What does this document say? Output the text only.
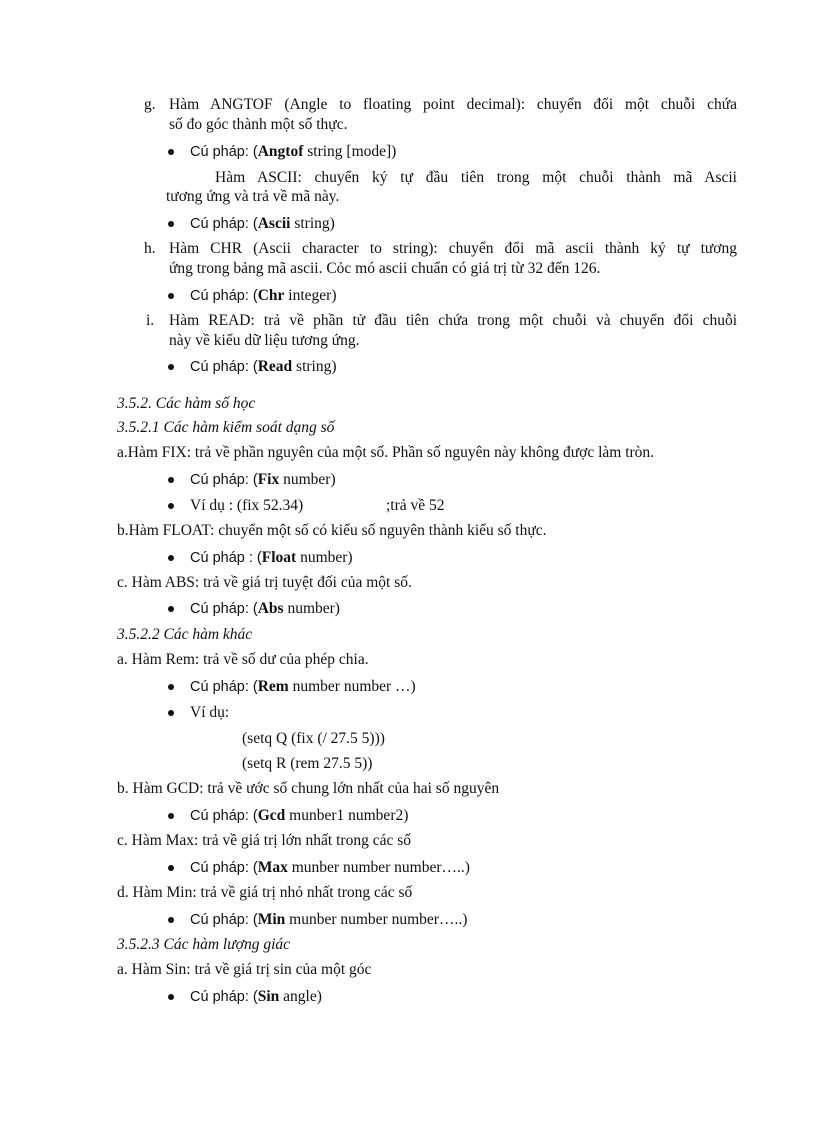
g. Hàm ANGTOF (Angle to floating point decimal): chuyển đổi một chuỗi chứa
số đo góc thành một số thực.
Cú pháp: (Angtof string [mode])
Hàm ASCII: chuyển ký tự đầu tiên trong một chuỗi thành mã Ascii
tương ứng và trả về mã này.
Cú pháp: (Ascii string)
h. Hàm CHR (Ascii character to string): chuyển đổi mã ascii thành ký tự tương
ứng trong bảng mã ascii. Cỏc mó ascii chuẩn có giá trị từ 32 đến 126.
Cú pháp: (Chr integer)
i. Hàm READ: trả về phần tử đầu tiên chứa trong một chuỗi và chuyển đổi chuỗi
này về kiểu dữ liệu tương ứng.
Cú pháp: (Read string)
3.5.2. Các hàm số học
3.5.2.1 Các hàm kiểm soát dạng số
a.Hàm FIX: trả về phần nguyên của một số. Phần số nguyên này không được làm tròn.
Cú pháp: (Fix number)
Ví dụ : (fix 52.34)	;trả về 52
b.Hàm FLOAT: chuyển một số có kiểu số nguyên thành kiểu số thực.
Cú pháp : (Float number)
c. Hàm ABS: trả về giá trị tuyệt đối của một số.
Cú pháp: (Abs number)
3.5.2.2 Các hàm khác
a. Hàm Rem: trả về số dư của phép chia.
Cú pháp: (Rem number number …)
Ví dụ:
(setq Q (fix (/ 27.5 5)))
(setq R (rem 27.5 5))
b. Hàm GCD: trả về ước số chung lớn nhất của hai số nguyên
Cú pháp: (Gcd munber1 number2)
c. Hàm Max: trả về giá trị lớn nhất trong các số
Cú pháp: (Max munber number number…..)
d. Hàm Min: trả về giá trị nhỏ nhất trong các số
Cú pháp: (Min munber number number…..)
3.5.2.3 Các hàm lượng giác
a. Hàm Sin: trả về giá trị sin của một góc
Cú pháp: (Sin angle)
